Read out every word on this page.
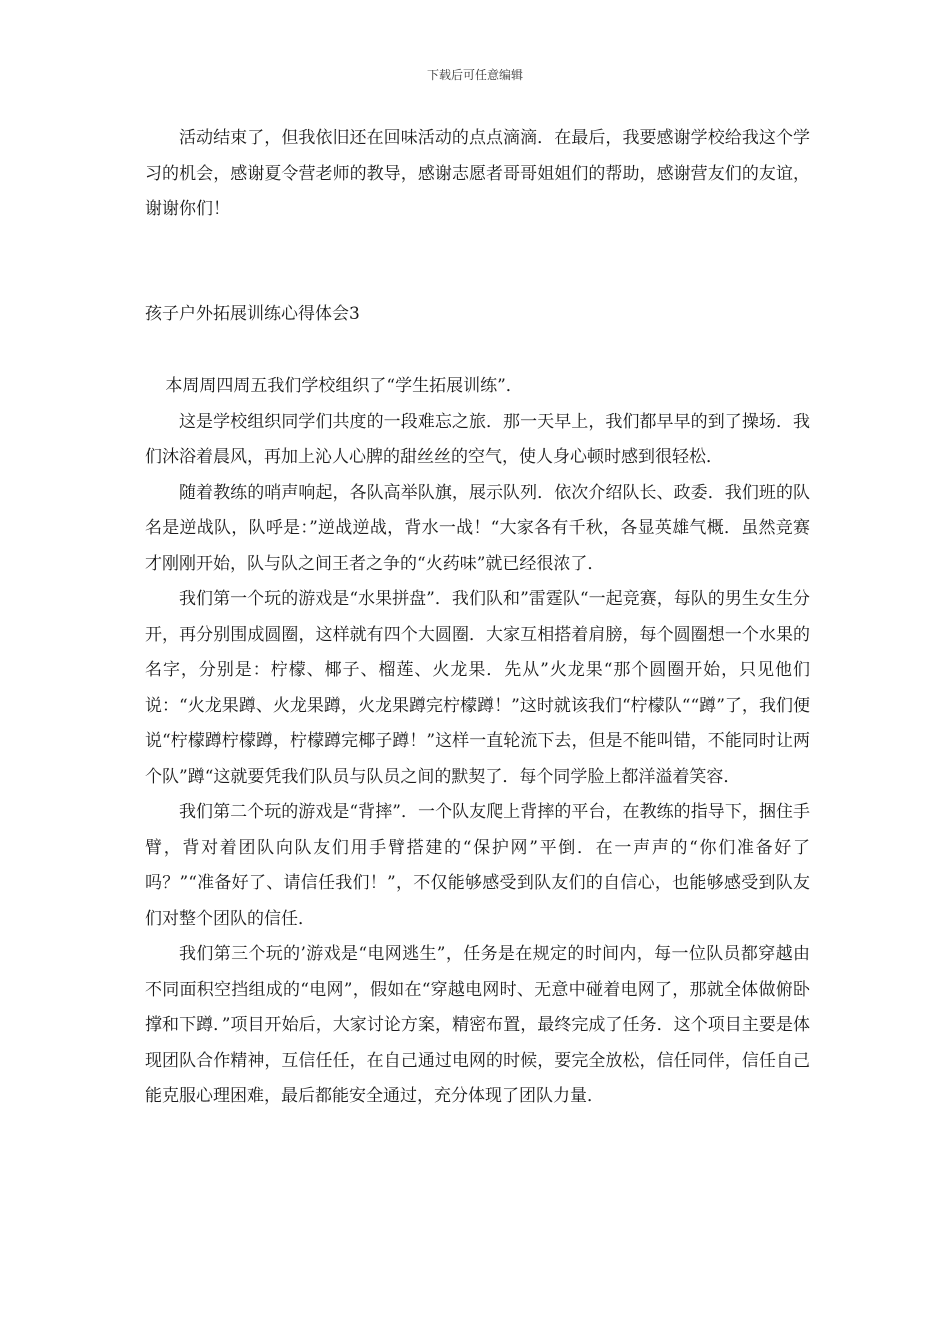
下载后可任意编辑

活动结束了，但我依旧还在回味活动的点点滴滴．在最后，我要感谢学校给我这个学习的机会，感谢夏令营老师的教导，感谢志愿者哥哥姐姐们的帮助，感谢营友们的友谊，谢谢你们！

孩子户外拓展训练心得体会3

本周周四周五我们学校组织了“学生拓展训练”．

这是学校组织同学们共度的一段难忘之旅．那一天早上，我们都早早的到了操场．我们沐浴着晨风，再加上沁人心脾的甜丝丝的空气，使人身心顿时感到很轻松．

随着教练的哨声响起，各队高举队旗，展示队列．依次介绍队长、政委．我们班的队名是逆战队，队呼是：”逆战逆战，背水一战！“大家各有千秋，各显英雄气概．虽然竞赛才刚刚开始，队与队之间王者之争的“火药味”就已经很浓了．

我们第一个玩的游戏是“水果拼盘”．我们队和”雷霆队“一起竞赛，每队的男生女生分开，再分别围成圆圈，这样就有四个大圆圈．大家互相搭着肩膀，每个圆圈想一个水果的名字，分别是：柠檬、椰子、榴莲、火龙果．先从”火龙果“那个圆圈开始，只见他们说：“火龙果蹲、火龙果蹲，火龙果蹲完柠檬蹲！”这时就该我们“柠檬队““蹲”了，我们便说“柠檬蹲柠檬蹲，柠檬蹲完椰子蹲！”这样一直轮流下去，但是不能叫错，不能同时让两个队”蹲“这就要凭我们队员与队员之间的默契了．每个同学脸上都洋溢着笑容．

我们第二个玩的游戏是“背摔”．一个队友爬上背摔的平台，在教练的指导下，捆住手臂，背对着团队向队友们用手臂搭建的“保护网”平倒．在一声声的“你们准备好了吗？”“准备好了、请信任我们！”，不仅能够感受到队友们的自信心，也能够感受到队友们对整个团队的信任．

我们第三个玩的’游戏是“电网逃生”，任务是在规定的时间内，每一位队员都穿越由不同面积空挡组成的“电网”，假如在“穿越电网时、无意中碰着电网了，那就全体做俯卧撑和下蹲．”项目开始后，大家讨论方案，精密布置，最终完成了任务．这个项目主要是体现团队合作精神，互信任任，在自己通过电网的时候，要完全放松，信任同伴，信任自己能克服心理困难，最后都能安全通过，充分体现了团队力量．
